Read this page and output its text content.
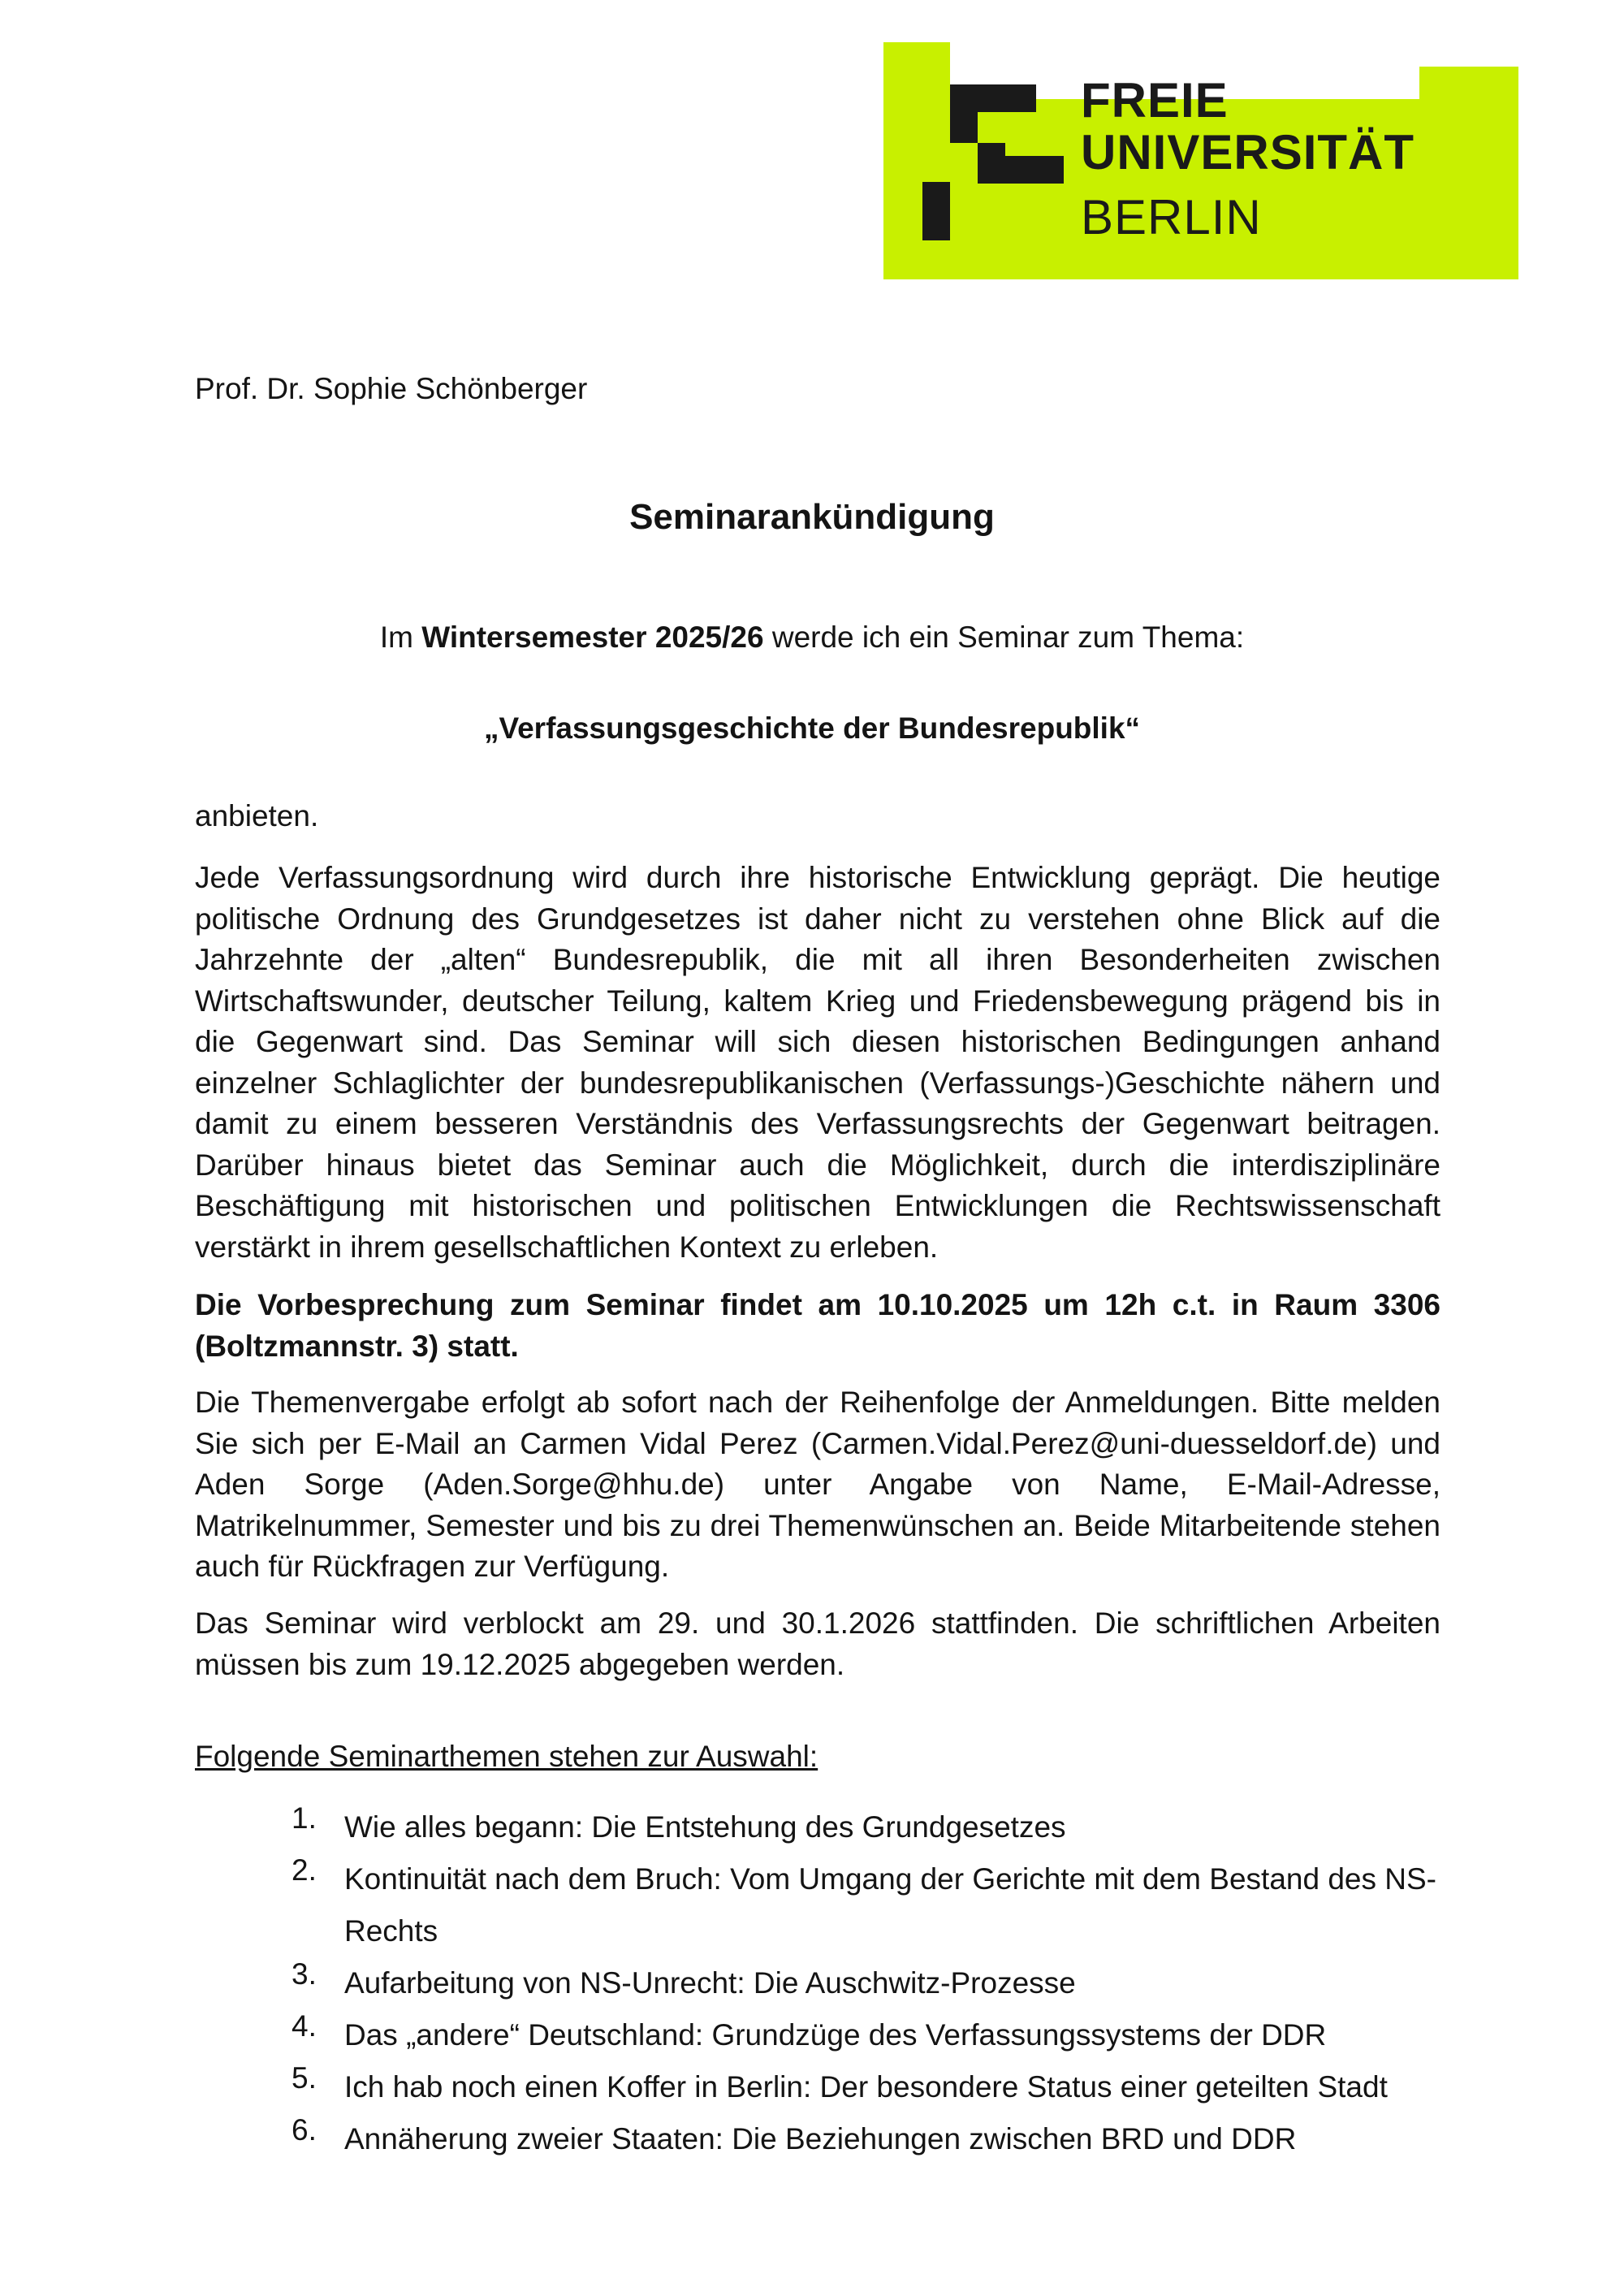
FREIE
UNIVERSITÄT
BERLIN
Prof. Dr. Sophie Schönberger
Seminarankündigung
Im Wintersemester 2025/26 werde ich ein Seminar zum Thema:
„Verfassungsgeschichte der Bundesrepublik“
anbieten.

Jede Verfassungsordnung wird durch ihre historische Entwicklung geprägt. Die heutige politische Ordnung des Grundgesetzes ist daher nicht zu verstehen ohne Blick auf die Jahrzehnte der „alten“ Bundesrepublik, die mit all ihren Besonderheiten zwischen Wirtschaftswunder, deutscher Teilung, kaltem Krieg und Friedensbewegung prägend bis in die Gegenwart sind. Das Seminar will sich diesen historischen Bedingungen anhand einzelner Schlaglichter der bundesrepublikanischen (Verfassungs-)Geschichte nähern und damit zu einem besseren Verständnis des Verfassungsrechts der Gegenwart beitragen. Darüber hinaus bietet das Seminar auch die Möglichkeit, durch die interdisziplinäre Beschäftigung mit historischen und politischen Entwicklungen die Rechtswissenschaft verstärkt in ihrem gesellschaftlichen Kontext zu erleben.

Die Vorbesprechung zum Seminar findet am 10.10.2025 um 12h c.t. in Raum 3306 (Boltzmannstr. 3) statt.

Die Themenvergabe erfolgt ab sofort nach der Reihenfolge der Anmeldungen. Bitte melden Sie sich per E-Mail an Carmen Vidal Perez (Carmen.Vidal.Perez@uni-duesseldorf.de) und Aden Sorge (Aden.Sorge@hhu.de) unter Angabe von Name, E-Mail-Adresse, Matrikelnummer, Semester und bis zu drei Themenwünschen an. Beide Mitarbeitende stehen auch für Rückfragen zur Verfügung.

Das Seminar wird verblockt am 29. und 30.1.2026 stattfinden. Die schriftlichen Arbeiten müssen bis zum 19.12.2025 abgegeben werden.

Folgende Seminarthemen stehen zur Auswahl:
1. Wie alles begann: Die Entstehung des Grundgesetzes
2. Kontinuität nach dem Bruch: Vom Umgang der Gerichte mit dem Bestand des NS-Rechts
3. Aufarbeitung von NS-Unrecht: Die Auschwitz-Prozesse
4. Das „andere“ Deutschland: Grundzüge des Verfassungssystems der DDR
5. Ich hab noch einen Koffer in Berlin: Der besondere Status einer geteilten Stadt
6. Annäherung zweier Staaten: Die Beziehungen zwischen BRD und DDR
